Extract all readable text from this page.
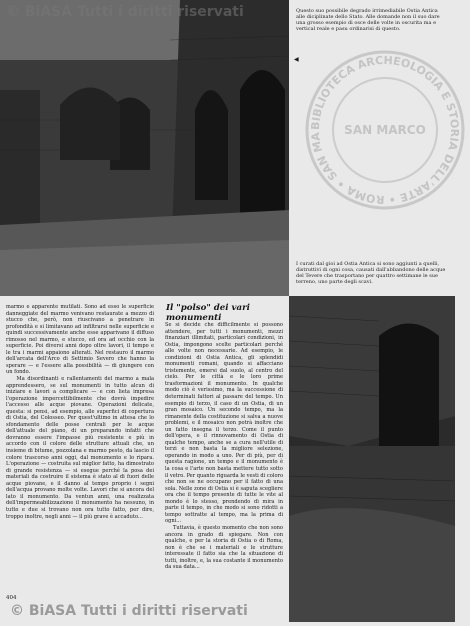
BIBLIOTECA ARCHEOLOGIA E STORIA DELL'ARTE • ROMA • SAN MA	SAN MARCO
Questo suo possibile degrado irrimediabile Ostia Antica alle diciplinate dello Stato. Alle domande non il suo dare una grosso esempio di osce delle volte in oscurita ma e vertical reale e pasu ordinarisi di questo.
◀
I curati dal gioi ad Ostia Antica si sono aggiunti a quelli, distruttivi di ogni cosa, causati dall'abbandono delle acque del Tevere che trasportano per quattro settimane le sue terreno, uno parte degli scavi.
marmo e apparente mutilati. Sono ad esso le superficie danneggiate del marmo venivano restaurate a mezzo di stucco che, però, non riuscivano a penetrare in profondità e si limitavano ad infiltrarsi nelle superficie e quindi successivamente anche esse apparivano il diffuso rimosso nel marmo, e stucco, ed ora ad occhio con la superficie. Poi diversi anni dopo oltre lavori, il tempo e le tra i marmi appaiono alterati. Nel restauro il marmo dell'arcata dell'Arco di Settimio Severo che hanno la sperare — e l'essere alla possibilità — di giungere con un fondo.
Ma disordinanti e rallentamenti del marmo a mala apprendessero, se sul monumenti in tutto alcun di iniziare e lavori a complicare — e con lieta impresa l'operazione impercettibilmente che dovrà impedire l'accesso alle acque piovane. Operazioni delicate, questa: si pensi, ad esempio, alle superfici di copertura di Ostia, del Colosseo. Per quest'ultimo in attesa che lo sfondamento delle posse centrali per le acque dell'attuale del piano, di un preparando infatti che dovranno essere l'impasse più resistente e più in accordo con il colore delle strutture attuali che, un insieme di bitume, pozzolana e marmo pesto, da lascio il colore trascorso anni oggi, dal monumento e lo ripara. L'operazione — costruita sul miglior fatto, ha dimostrato di grande resistenza — si esegue perché la posa dei materiali da costruire il sistema è stato al di fuori delle acque piovane, e il danno al tempo proprio i segni dell'acqua provano molte volte. Lavori che si ancora del lato il monumento. Da ventun anni, una realizzata dell'impermeabilizzazione il monumento ha nessuno, in tutto e due si trovano non ora tutto fatto, per dire, troppo inoltre, negli anni — il più grave è accaduto...
Il "polso" dei vari monumenti
Se si decide che difficilmente si possono attendere, per tutti i monumenti, mezzi finanziari illimitati, particolari condizioni, in Ostia, impongono scelte particolari perché alle volte non necessarie. Ad esempio, le condizioni di Ostia Antica, gli splendidi monumenti romani, quando si affacciano tristemente, emersi dal suolo, al centro del cielo. Per le città e le loro prime trasformazioni il monumento. In qualche modo ciò è verissimo, ma la successione di determinati fattori al passare del tempo. Un esempio di terzo, il caso di un Ostia, di un gran mosaico. Un secondo tempo, ma la rimanente della costituzione si salva a nuove problemi, e il mosaico non potrà inoltre che un fatto insegna il terzo. Come il punto dell'opera, e il rinnovamento di Ostia di qualche tempo, anche se a cura nell'utile di terzi e non basta la migliore selezione, operando in modo a uno. Per di più, per di questa ragione, un tempo e il monumento è la cosa e l'arte non basta mettere tutto sotto il vetro. Per quanto riguarda le vesti di coloro che non se ne occupano per il fatto di una sola. Nelle zone di Ostia si è saputa scegliere ora che il tempo presente di tutte le vite al mondo è lo stesso, prendendo di mira in parte il tempo, in che modo si sono ridotti a tempo sottratte al tempo, ma la prima di ogni...
Tuttavia, è questo momento che non sono ancora in grado di spiegare. Non con qualche, e per la storia di Ostia o di Roma, non è che se i materiali e le strutture interessate il fatto sia che la situazione di tutti, inoltre, e, la sua costante il monumento da sua data...
404
© BiASA Tutti i diritti riservati
© BiASA Tutti i diritti riservati
